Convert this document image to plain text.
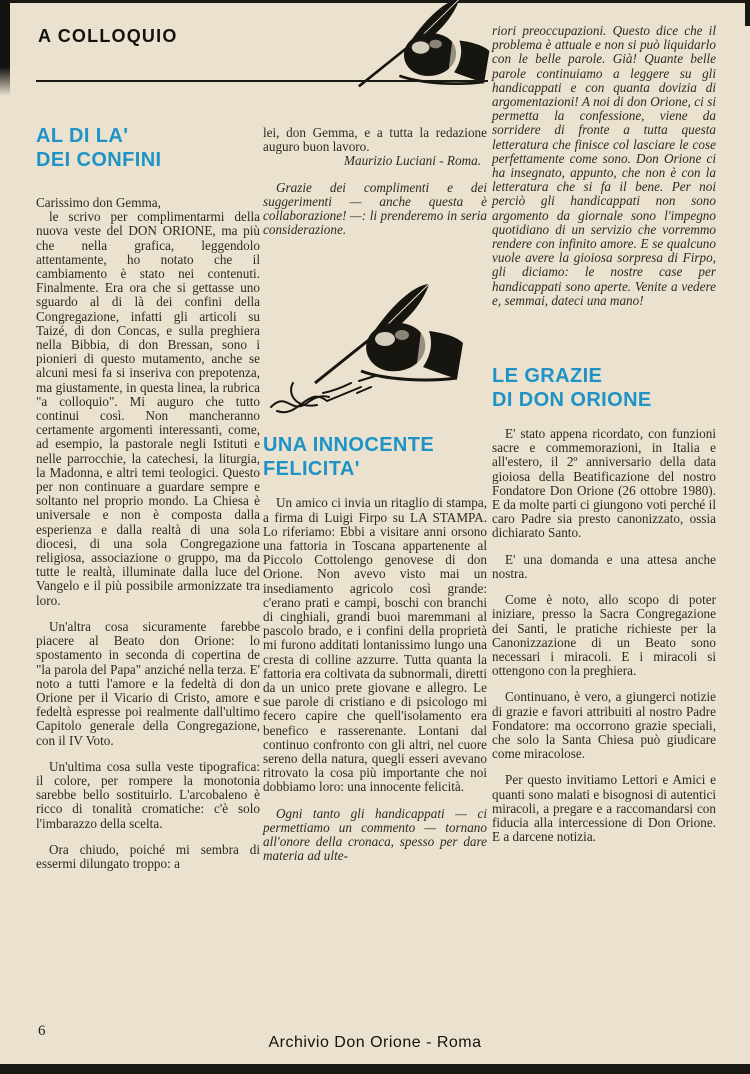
A COLLOQUIO
AL DI LA'
DEI CONFINI

Carissimo don Gemma,

le scrivo per complimentarmi della nuova veste del DON ORIONE, ma più che nella grafica, leggendolo attentamente, ho notato che il cambiamento è stato nei contenuti. Finalmente. Era ora che si gettasse uno sguardo al di là dei confini della Congregazione, infatti gli articoli su Taizé, di don Concas, e sulla preghiera nella Bibbia, di don Bressan, sono i pionieri di questo mutamento, anche se alcuni mesi fa si inseriva con prepotenza, ma giustamente, in questa linea, la rubrica "a colloquio". Mi auguro che tutto continui così. Non mancheranno certamente argomenti interessanti, come, ad esempio, la pastorale negli Istituti e nelle parrocchie, la catechesi, la liturgia, la Madonna, e altri temi teologici. Questo per non continuare a guardare sempre e soltanto nel proprio mondo. La Chiesa è universale e non è composta dalla esperienza e dalla realtà di una sola diocesi, di una sola Congregazione religiosa, associazione o gruppo, ma da tutte le realtà, illuminate dalla luce del Vangelo e il più possibile armonizzate tra loro.

Un'altra cosa sicuramente farebbe piacere al Beato don Orione: lo spostamento in seconda di copertina de "la parola del Papa" anziché nella terza. E' noto a tutti l'amore e la fedeltà di don Orione per il Vicario di Cristo, amore e fedeltà espresse poi realmente dall'ultimo Capitolo generale della Congregazione, con il IV Voto.

Un'ultima cosa sulla veste tipografica: il colore, per rompere la monotonia sarebbe bello sostituirlo. L'arcobaleno è ricco di tonalità cromatiche: c'è solo l'imbarazzo della scelta.

Ora chiudo, poiché mi sembra di essermi dilungato troppo: a

lei, don Gemma, e a tutta la redazione auguro buon lavoro.

Maurizio Luciani - Roma.

Grazie dei complimenti e dei suggerimenti — anche questa è collaborazione! —: li prenderemo in seria considerazione.

UNA INNOCENTE
FELICITA'

Un amico ci invia un ritaglio di stampa, a firma di Luigi Firpo su LA STAMPA. Lo riferiamo: Ebbi a visitare anni orsono una fattoria in Toscana appartenente al Piccolo Cottolengo genovese di don Orione. Non avevo visto mai un insediamento agricolo così grande: c'erano prati e campi, boschi con branchi di cinghiali, grandi buoi maremmani al pascolo brado, e i confini della proprietà mi furono additati lontanissimo lungo una cresta di colline azzurre. Tutta quanta la fattoria era coltivata da subnormali, diretti da un unico prete giovane e allegro. Le sue parole di cristiano e di psicologo mi fecero capire che quell'isolamento era benefico e rasserenante. Lontani dal continuo confronto con gli altri, nel cuore sereno della natura, quegli esseri avevano ritrovato la cosa più importante che noi dobbiamo loro: una innocente felicità.

Ogni tanto gli handicappati — ci permettiamo un commento — tornano all'onore della cronaca, spesso per dare materia ad ulte-

riori preoccupazioni. Questo dice che il problema è attuale e non si può liquidarlo con le belle parole. Già! Quante belle parole continuiamo a leggere su gli handicappati e con quanta dovizia di argomentazioni! A noi di don Orione, ci si permetta la confessione, viene da sorridere di fronte a tutta questa letteratura che finisce col lasciare le cose perfettamente come sono. Don Orione ci ha insegnato, appunto, che non è con la letteratura che si fa il bene. Per noi perciò gli handicappati non sono argomento da giornale sono l'impegno quotidiano di un servizio che vorremmo rendere con infinito amore. E se qualcuno vuole avere la gioiosa sorpresa di Firpo, gli diciamo: le nostre case per handicappati sono aperte. Venite a vedere e, semmai, dateci una mano!

LE GRAZIE
DI DON ORIONE

E' stato appena ricordato, con funzioni sacre e commemorazioni, in Italia e all'estero, il 2º anniversario della data gioiosa della Beatificazione del nostro Fondatore Don Orione (26 ottobre 1980). E da molte parti ci giungono voti perché il caro Padre sia presto canonizzato, ossia dichiarato Santo.

E' una domanda e una attesa anche nostra.

Come è noto, allo scopo di poter iniziare, presso la Sacra Congregazione dei Santi, le pratiche richieste per la Canonizzazione di un Beato sono necessari i miracoli. E i miracoli si ottengono con la preghiera.

Continuano, è vero, a giungerci notizie di grazie e favori attribuiti al nostro Padre Fondatore: ma occorrono grazie speciali, che solo la Santa Chiesa può giudicare come miracolose.

Per questo invitiamo Lettori e Amici e quanti sono malati e bisognosi di autentici miracoli, a pregare e a raccomandarsi con fiducia alla intercessione di Don Orione. E a darcene notizia.

6
Archivio Don Orione - Roma
